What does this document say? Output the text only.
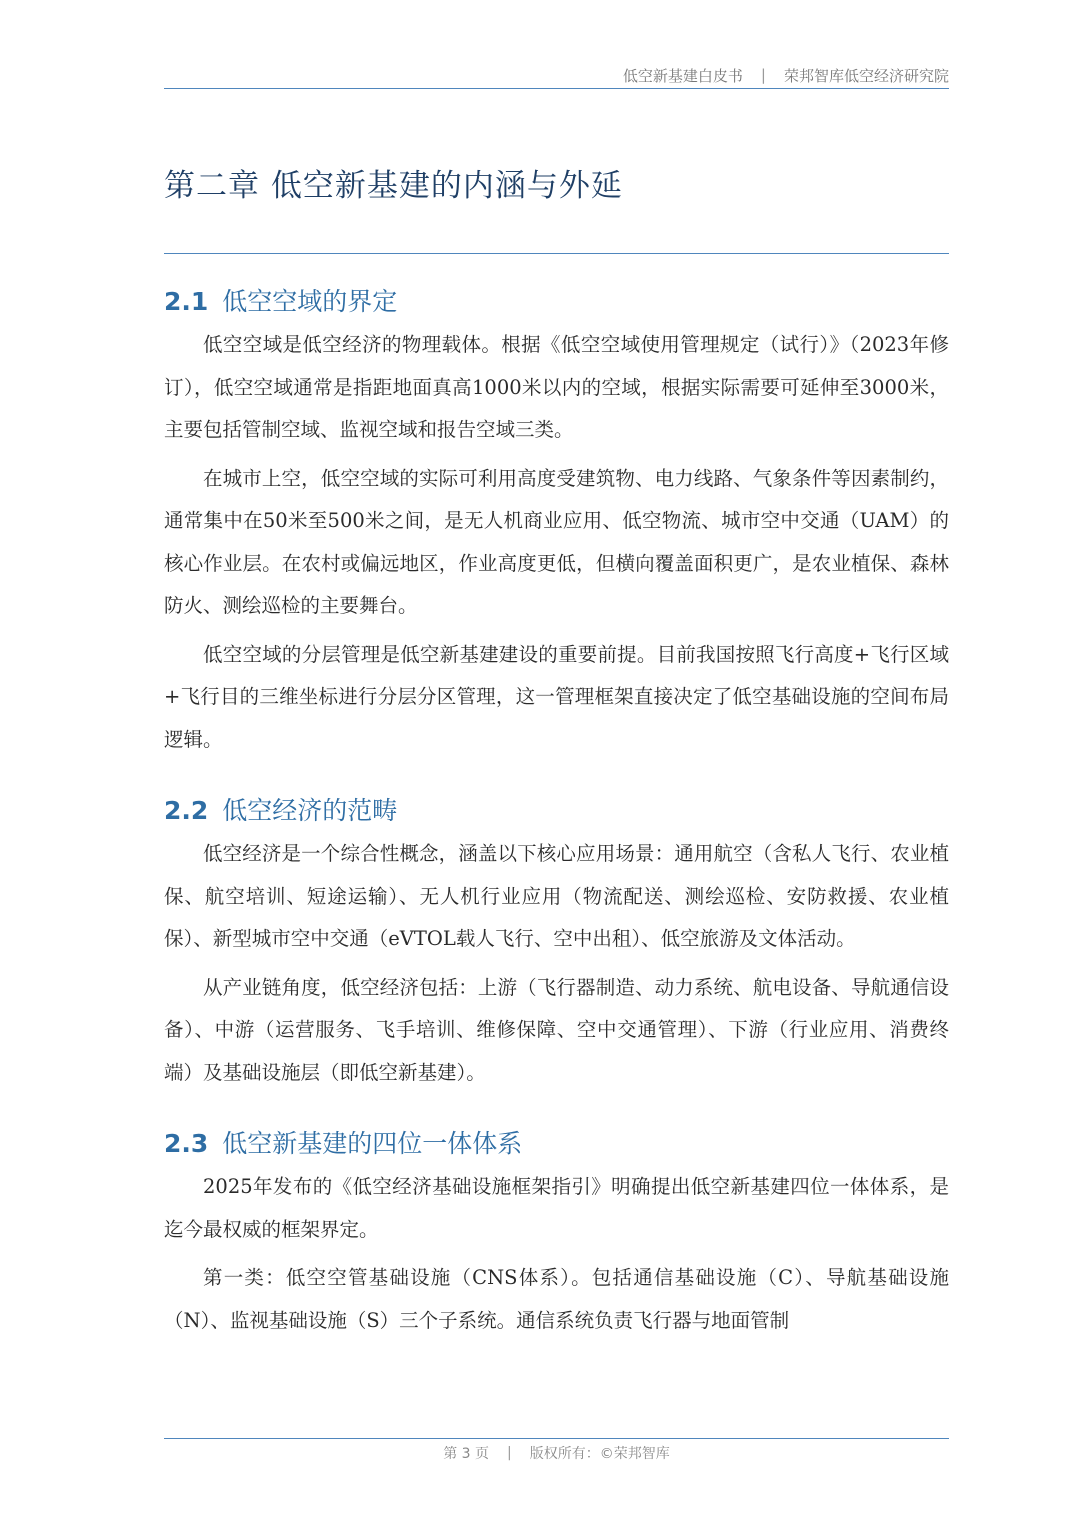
低空新基建白皮书 | 荣邦智库低空经济研究院
第二章 低空新基建的内涵与外延
2.1 低空空域的界定

低空空域是低空经济的物理载体。根据《低空空域使用管理规定（试行）》（2023年修订），低空空域通常是指距地面真高1000米以内的空域，根据实际需要可延伸至3000米，主要包括管制空域、监视空域和报告空域三类。

在城市上空，低空空域的实际可利用高度受建筑物、电力线路、气象条件等因素制约，通常集中在50米至500米之间，是无人机商业应用、低空物流、城市空中交通（UAM）的核心作业层。在农村或偏远地区，作业高度更低，但横向覆盖面积更广，是农业植保、森林防火、测绘巡检的主要舞台。

低空空域的分层管理是低空新基建建设的重要前提。目前我国按照飞行高度+飞行区域+飞行目的三维坐标进行分层分区管理，这一管理框架直接决定了低空基础设施的空间布局逻辑。

2.2 低空经济的范畴

低空经济是一个综合性概念，涵盖以下核心应用场景：通用航空（含私人飞行、农业植保、航空培训、短途运输）、无人机行业应用（物流配送、测绘巡检、安防救援、农业植保）、新型城市空中交通（eVTOL载人飞行、空中出租）、低空旅游及文体活动。

从产业链角度，低空经济包括：上游（飞行器制造、动力系统、航电设备、导航通信设备）、中游（运营服务、飞手培训、维修保障、空中交通管理）、下游（行业应用、消费终端）及基础设施层（即低空新基建）。

2.3 低空新基建的四位一体体系

2025年发布的《低空经济基础设施框架指引》明确提出低空新基建四位一体体系，是迄今最权威的框架界定。

第一类：低空空管基础设施（CNS体系）。包括通信基础设施（C）、导航基础设施（N）、监视基础设施（S）三个子系统。通信系统负责飞行器与地面管制

第 3 页 | 版权所有：©荣邦智库
